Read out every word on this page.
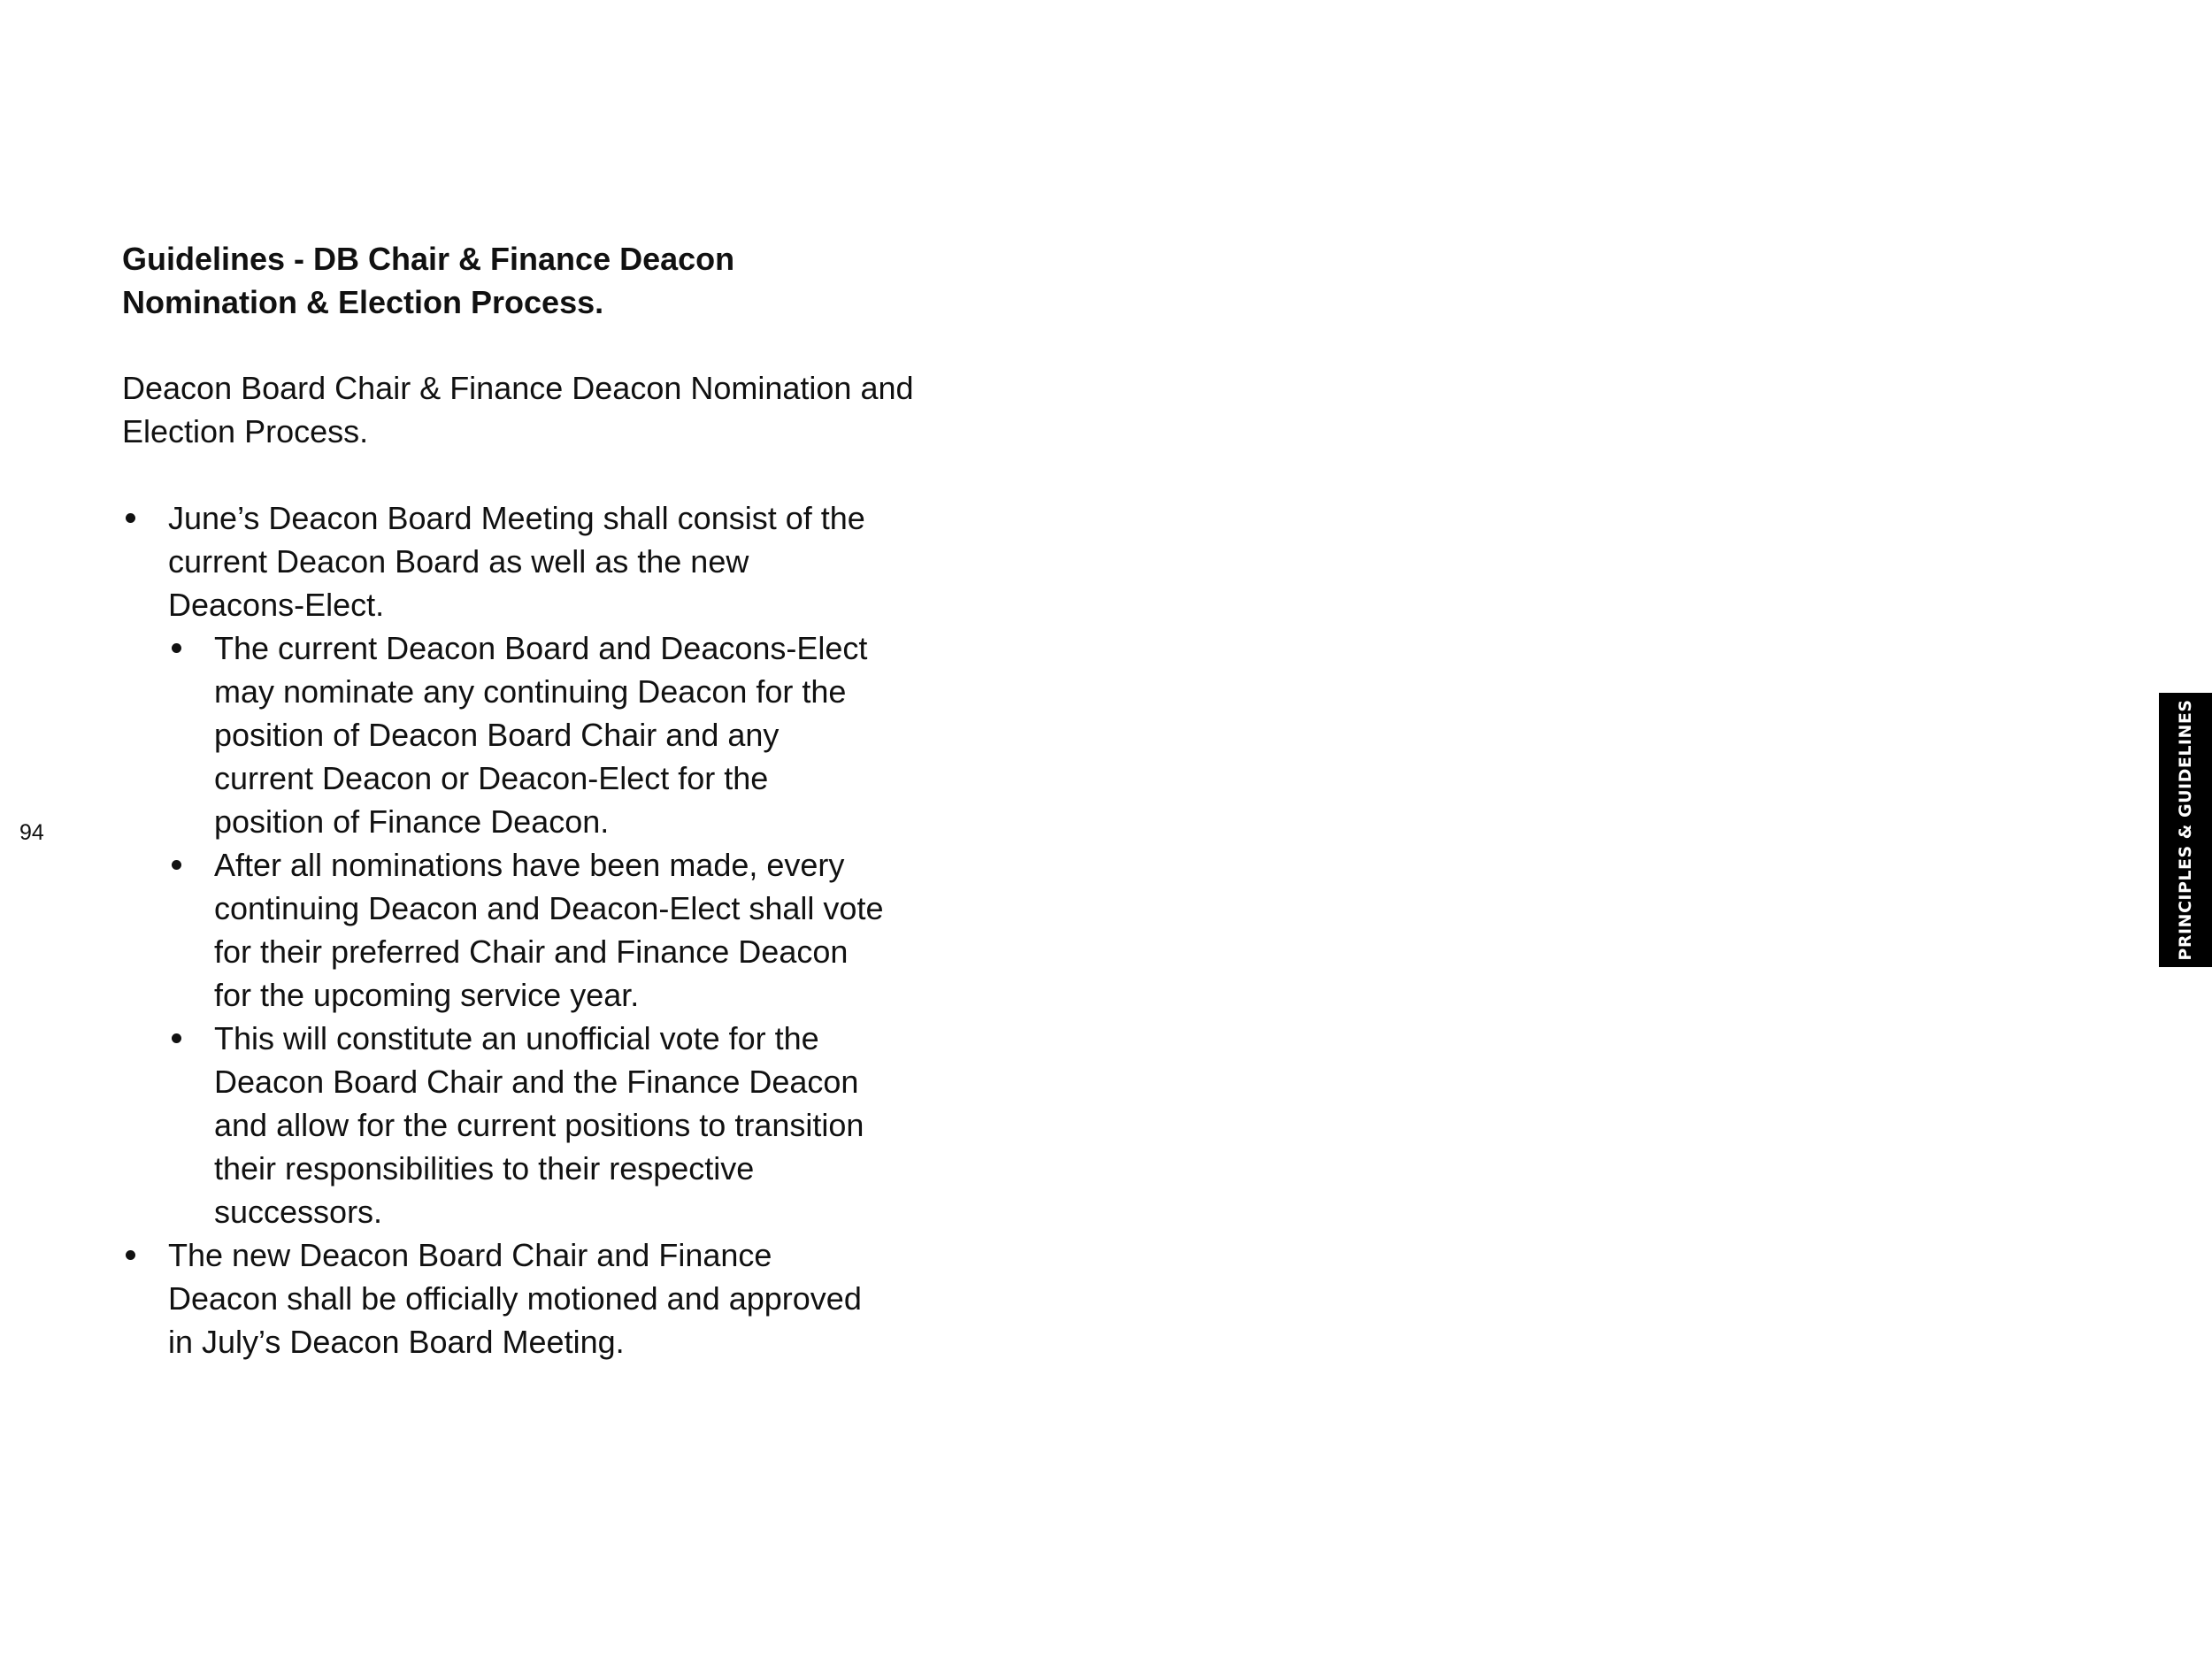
Guidelines - DB Chair & Finance Deacon Nomination & Election Process.

Deacon Board Chair & Finance Deacon Nomination and Election Process.

June’s Deacon Board Meeting shall consist of the current Deacon Board as well as the new Deacons-Elect.
The current Deacon Board and Deacons-Elect may nominate any continuing Deacon for the position of Deacon Board Chair and any current Deacon or Deacon-Elect for the position of Finance Deacon.
After all nominations have been made, every continuing Deacon and Deacon-Elect shall vote for their preferred Chair and Finance Deacon for the upcoming service year.
This will constitute an unofficial vote for the Deacon Board Chair and the Finance Deacon and allow for the current positions to transition their responsibilities to their respective successors.
The new Deacon Board Chair and Finance Deacon shall be officially motioned and approved in July’s Deacon Board Meeting.
94	PRINCIPLES & GUIDELINES
